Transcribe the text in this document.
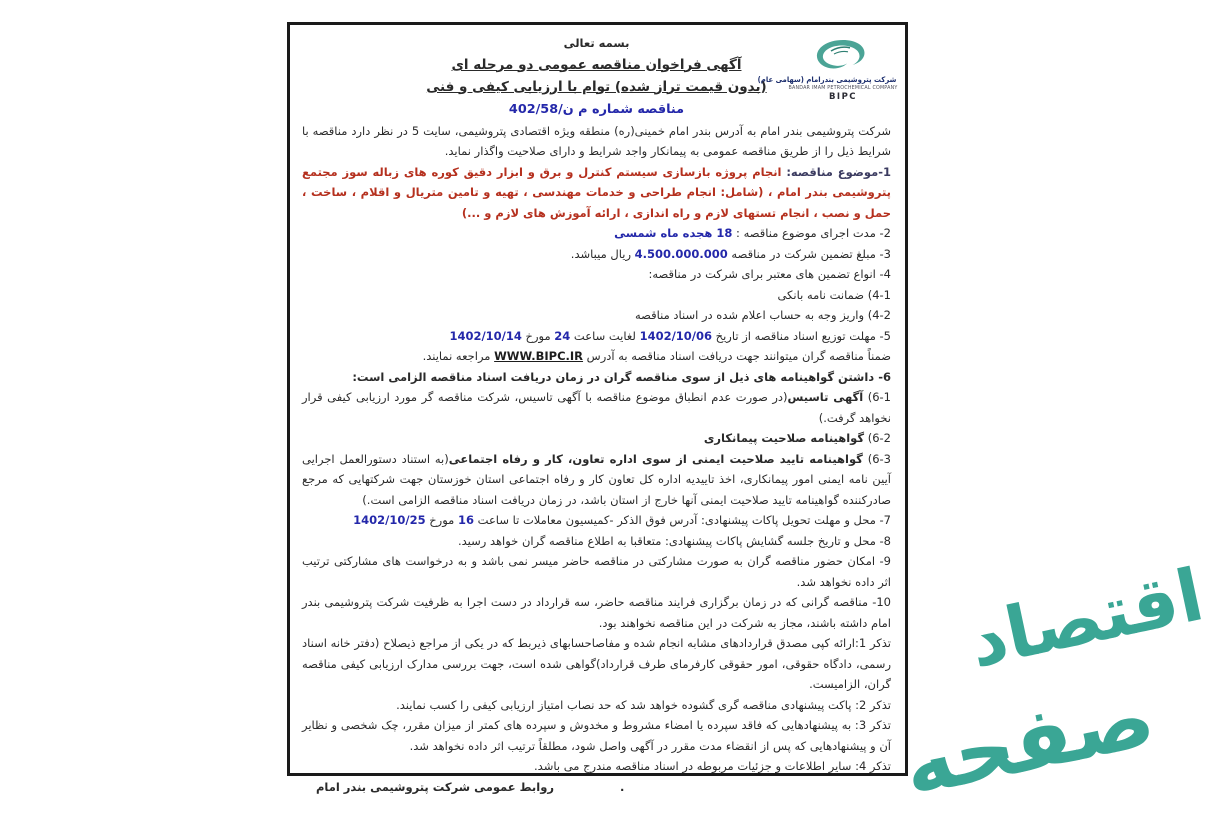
شرکت پتروشیمی بندرامام (سهامی عام)
BANDAR IMAM PETROCHEMICAL COMPANY
BIPC

بسمه تعالی

آگهی فراخوان مناقصه عمومی دو مرحله ای

(بدون قیمت تراز شده) توام با ارزیابی کیفی و فنی

مناقصه شماره م ن/402/58

شرکت پتروشیمی بندر امام به آدرس بندر امام خمینی(ره) منطقه ویژه اقتصادی پتروشیمی، سایت 5 در نظر دارد مناقصه با شرایط ذیل را از طریق مناقصه عمومی به پیمانکار واجد شرایط و دارای صلاحیت واگذار نماید.

1-موضوع مناقصه: انجام پروژه بازسازی سیستم کنترل و برق و ابزار دقیق کوره های زباله سوز مجتمع پتروشیمی بندر امام ، (شامل: انجام طراحی و خدمات مهندسی ، تهیه و تامین متریال و اقلام ، ساخت ، حمل و نصب ، انجام تستهای لازم و راه اندازی ، ارائه آموزش های لازم و ...)

2- مدت اجرای موضوع مناقصه : 18 هجده ماه شمسی

3- مبلغ تضمین شرکت در مناقصه 4.500.000.000 ریال میباشد.

4- انواع تضمین های معتبر برای شرکت در مناقصه:

4-1) ضمانت نامه بانکی

4-2) واریز وجه به حساب اعلام شده در اسناد مناقصه

5- مهلت توزیع اسناد مناقصه از تاریخ 1402/10/06 لغایت ساعت 24 مورخ 1402/10/14

ضمناً مناقصه گران میتوانند جهت دریافت اسناد مناقصه به آدرس WWW.BIPC.IR مراجعه نمایند.

6- داشتن گواهینامه های ذیل از سوی مناقصه گران در زمان دریافت اسناد مناقصه الزامی است:

6-1) آگهی تاسیس(در صورت عدم انطباق موضوع مناقصه با آگهی تاسیس، شرکت مناقصه گر مورد ارزیابی کیفی قرار نخواهد گرفت.)

6-2) گواهینامه صلاحیت پیمانکاری

6-3) گواهینامه تایید صلاحیت ایمنی از سوی اداره تعاون، کار و رفاه اجتماعی(به استناد دستورالعمل اجرایی آیین نامه ایمنی امور پیمانکاری، اخذ تاییدیه اداره کل تعاون کار و رفاه اجتماعی استان خوزستان جهت شرکتهایی که مرجع صادرکننده گواهینامه تایید صلاحیت ایمنی آنها خارج از استان باشد، در زمان دریافت اسناد مناقصه الزامی است.)

7- محل و مهلت تحویل پاکات پیشنهادی: آدرس فوق الذکر -کمیسیون معاملات تا ساعت 16 مورخ 1402/10/25

8- محل و تاریخ جلسه گشایش پاکات پیشنهادی: متعاقبا به اطلاع مناقصه گران خواهد رسید.

9- امکان حضور مناقصه گران به صورت مشارکتی در مناقصه حاضر میسر نمی باشد و به درخواست های مشارکتی ترتیب اثر داده نخواهد شد.

10- مناقصه گرانی که در زمان برگزاری فرایند مناقصه حاضر، سه قرارداد در دست اجرا به ظرفیت شرکت پتروشیمی بندر امام داشته باشند، مجاز به شرکت در این مناقصه نخواهند بود.

تذکر 1:ارائه کپی مصدق قراردادهای مشابه انجام شده و مفاصاحسابهای ذیربط که در یکی از مراجع ذیصلاح (دفتر خانه اسناد رسمی، دادگاه حقوقی، امور حقوقی کارفرمای طرف قرارداد)گواهی شده است، جهت بررسی مدارک ارزیابی کیفی مناقصه گران، الزامیست.

تذکر 2: پاکت پیشنهادی مناقصه گری گشوده خواهد شد که حد نصاب امتیاز ارزیابی کیفی را کسب نمایند.

تذکر 3: به پیشنهادهایی که فاقد سپرده یا امضاء مشروط و مخدوش و سپرده های کمتر از میزان مقرر، چک شخصی و نظایر آن و پیشنهادهایی که پس از انقضاء مدت مقرر در آگهی واصل شود، مطلقاً ترتیب اثر داده نخواهد شد.

تذکر 4: سایر اطلاعات و جزئیات مربوطه در اسناد مناقصه مندرج می باشد.

.
روابط عمومی شرکت پتروشیمی بندر امام

اقتصاد
صفحه
